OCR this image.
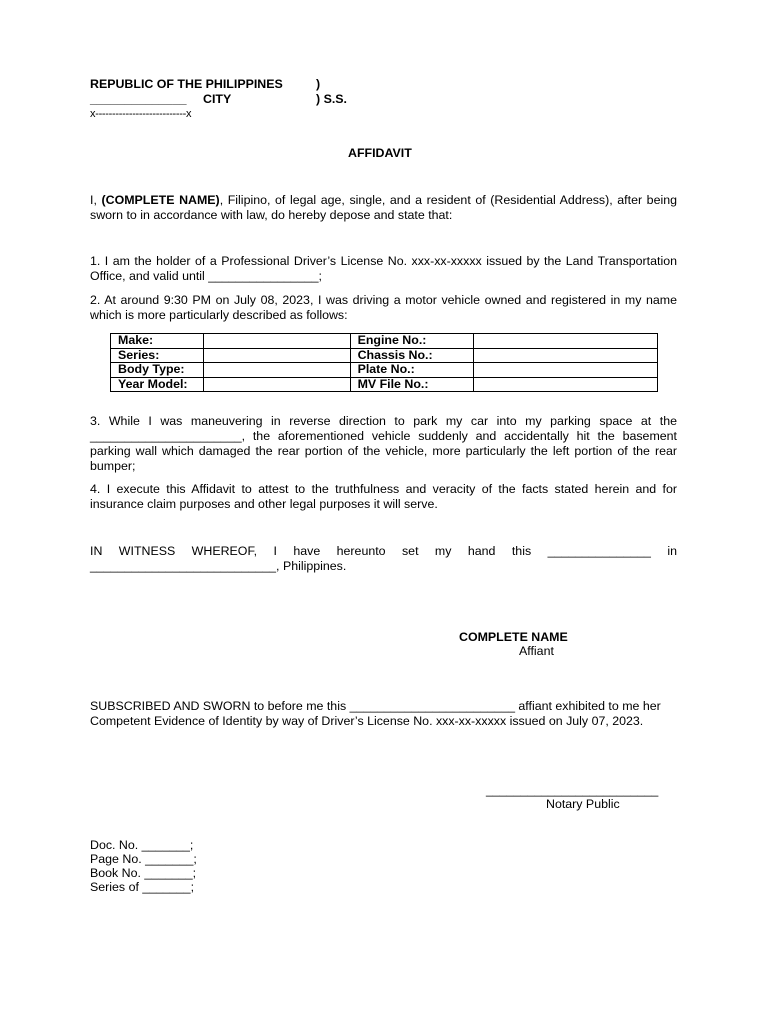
REPUBLIC OF THE PHILIPPINES	)
______________ CITY	) S.S.
x---------------------------x
AFFIDAVIT
I, (COMPLETE NAME), Filipino, of legal age, single, and a resident of (Residential Address), after being sworn to in accordance with law, do hereby depose and state that:
1. I am the holder of a Professional Driver’s License No. xxx-xx-xxxxx issued by the Land Transportation Office, and valid until ________________;
2. At around 9:30 PM on July 08, 2023, I was driving a motor vehicle owned and registered in my name which is more particularly described as follows:
Make:		Engine No.:	
Series:		Chassis No.:	
Body Type:		Plate No.:	
Year Model:		MV File No.:	
3. While I was maneuvering in reverse direction to park my car into my parking space at the ______________________, the aforementioned vehicle suddenly and accidentally hit the basement parking wall which damaged the rear portion of the vehicle, more particularly the left portion of the rear bumper;
4. I execute this Affidavit to attest to the truthfulness and veracity of the facts stated herein and for insurance claim purposes and other legal purposes it will serve.
IN WITNESS WHEREOF, I have hereunto set my hand this _______________ in
___________________________, Philippines.
COMPLETE NAME
Affiant
SUBSCRIBED AND SWORN to before me this ________________________ affiant exhibited to me her Competent Evidence of Identity by way of Driver’s License No. xxx-xx-xxxxx issued on July 07, 2023.
_________________________
Notary Public
Doc. No. _______;
Page No. _______;
Book No. _______;
Series of _______;
